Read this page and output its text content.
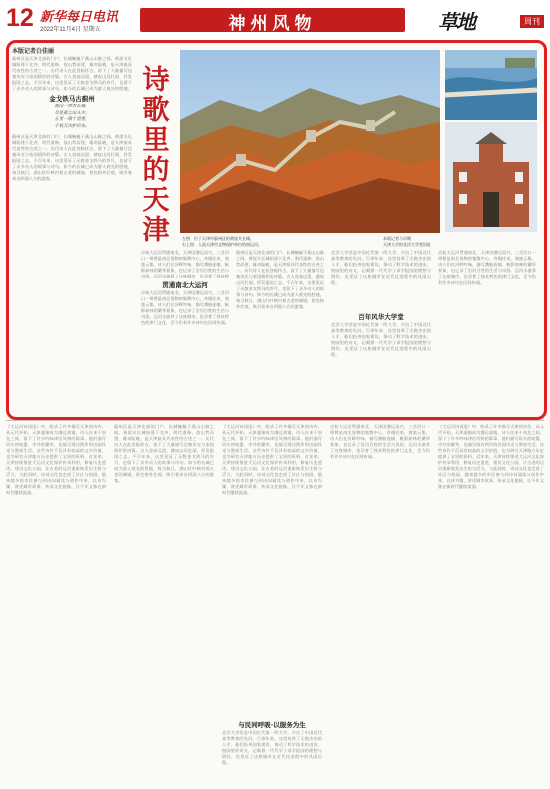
12 新华每日电讯
2022年11月4日 星期五	神州风物	草地	周刊
本版记者白佳丽
蓟州区是天津北部的门户，长城蜿蜒于燕山山脉之间。黄崖关长城始建于北齐，明代重修，依山势而建，雄奇险峻，是天津最具代表性的古迹之一。历代诗人在此登临怀古，留下了大量描写边塞风光与家国情怀的诗篇。古人登高远望，感叹山河壮丽，抒发报国之志。千百年来，这里见证了无数金戈铁马的岁月，也留下了众多动人的故事与诗句。如今的长城已成为游人观光的胜地，
金戈铁马古蓟州
燕山一带古长城，
尽是黄尘出入中。
五里一墩十里堡，
千秋万古护京东。
蓟州区是天津北部的门户，长城蜿蜒于燕山山脉之间。黄崖关长城始建于北齐，明代重修，依山势而建，雄奇险峻，是天津最具代表性的古迹之一。历代诗人在此登临怀古，留下了大量描写边塞风光与家国情怀的诗篇。古人登高远望，感叹山河壮丽，抒发报国之志。千百年来，这里见证了无数金戈铁马的岁月，也留下了众多动人的故事与诗句。如今的长城已成为游人观光的胜地，每当秋日，满山红叶映衬着古老的城墙，景色格外壮观，吸引着来自四面八方的游客。
诗歌里的天津	左图：位于天津市蓟州区的黄崖关长城。
右上图：入选天津市文物保护单位的南运河。
本版记者与早期
天津大学的北洋大学堂旧址
京杭大运河贯通南北，天津因漕运而兴，三岔河口一带曾是南北货物的集散中心，舟楫往来，商旅云集。诗人们在河畔吟咏，描写漕船连樯、帆影如林的繁华景象，也记录了沿河百姓的生活与风俗。运河水滋养了这座城市，也孕育了独具特
贯通南北大运河
京杭大运河贯通南北，天津因漕运而兴，三岔河口一带曾是南北货物的集散中心，舟楫往来，商旅云集。诗人们在河畔吟咏，描写漕船连樯、帆影如林的繁华景象，也记录了沿河百姓的生活与风俗。运河水滋养了这座城市，也孕育了独具特色的津门文化，至今仍有许多诗句在民间传诵。
蓟州区是天津北部的门户，长城蜿蜒于燕山山脉之间。黄崖关长城始建于北齐，明代重修，依山势而建，雄奇险峻，是天津最具代表性的古迹之一。历代诗人在此登临怀古，留下了大量描写边塞风光与家国情怀的诗篇。古人登高远望，感叹山河壮丽，抒发报国之志。千百年来，这里见证了无数金戈铁马的岁月，也留下了众多动人的故事与诗句。如今的长城已成为游人观光的胜地，每当秋日，满山红叶映衬着古老的城墙，景色格外壮观，吸引着来自四面八方的游客。
北洋大学堂是中国近代第一所大学，开启了中国近代高等教育的先河。百余年来，这里培养了无数杰出的人才，他们投身国家建设，推动了科学技术的进步。校园里的诗文，记载着一代代学子求学报国的理想与情怀，也见证了这座城市在近代化进程中的风雨历程。
百年风华大学堂
北洋大学堂是中国近代第一所大学，开启了中国近代高等教育的先河。百余年来，这里培养了无数杰出的人才，他们投身国家建设，推动了科学技术的进步。校园里的诗文，记载着一代代学子求学报国的理想与情怀，也见证了这座城市在近代化进程中的风雨历程。
京杭大运河贯通南北，天津因漕运而兴，三岔河口一带曾是南北货物的集散中心，舟楫往来，商旅云集。诗人们在河畔吟咏，描写漕船连樯、帆影如林的繁华景象，也记录了沿河百姓的生活与风俗。运河水滋养了这座城市，也孕育了独具特色的津门文化，至今仍有许多诗句在民间传诵。
《大运河诗词选》中，收录了许多描写天津的诗作。从元代开始，天津逐渐成为漕运重镇，诗人往来于南北之间，留下了许多吟咏津沽风物的篇章。他们描写码头的喧嚣、市井的繁华，也描写海河两岸的田园风光与渔家生活。这些诗作不仅具有较高的文学价值，也为研究天津地方历史提供了宝贵的资料。近年来，天津持续推进大运河文化保护传承利用，修复历史遗迹，建设文化公园，让古老的运河重新焕发出生机与活力。与此同时，诗词文化也走进了社区与校园，越来越多的市民参与到诗词诵读与创作中来，以诗为媒，讲述城市故事，传承文化根脉，让千年文脉在新时代继续流淌。
蓟州区是天津北部的门户，长城蜿蜒于燕山山脉之间。黄崖关长城始建于北齐，明代重修，依山势而建，雄奇险峻，是天津最具代表性的古迹之一。历代诗人在此登临怀古，留下了大量描写边塞风光与家国情怀的诗篇。古人登高远望，感叹山河壮丽，抒发报国之志。千百年来，这里见证了无数金戈铁马的岁月，也留下了众多动人的故事与诗句。如今的长城已成为游人观光的胜地，每当秋日，满山红叶映衬着古老的城墙，景色格外壮观，吸引着来自四面八方的游客。
《大运河诗词选》中，收录了许多描写天津的诗作。从元代开始，天津逐渐成为漕运重镇，诗人往来于南北之间，留下了许多吟咏津沽风物的篇章。他们描写码头的喧嚣、市井的繁华，也描写海河两岸的田园风光与渔家生活。这些诗作不仅具有较高的文学价值，也为研究天津地方历史提供了宝贵的资料。近年来，天津持续推进大运河文化保护传承利用，修复历史遗迹，建设文化公园，让古老的运河重新焕发出生机与活力。与此同时，诗词文化也走进了社区与校园，越来越多的市民参与到诗词诵读与创作中来，以诗为媒，讲述城市故事，传承文化根脉，让千年文脉在新时代继续流淌。
与民同呼吸·以服务为生
北洋大学堂是中国近代第一所大学，开启了中国近代高等教育的先河。百余年来，这里培养了无数杰出的人才，他们投身国家建设，推动了科学技术的进步。校园里的诗文，记载着一代代学子求学报国的理想与情怀，也见证了这座城市在近代化进程中的风雨历程。
京杭大运河贯通南北，天津因漕运而兴，三岔河口一带曾是南北货物的集散中心，舟楫往来，商旅云集。诗人们在河畔吟咏，描写漕船连樯、帆影如林的繁华景象，也记录了沿河百姓的生活与风俗。运河水滋养了这座城市，也孕育了独具特色的津门文化，至今仍有许多诗句在民间传诵。
《大运河诗词选》中，收录了许多描写天津的诗作。从元代开始，天津逐渐成为漕运重镇，诗人往来于南北之间，留下了许多吟咏津沽风物的篇章。他们描写码头的喧嚣、市井的繁华，也描写海河两岸的田园风光与渔家生活。这些诗作不仅具有较高的文学价值，也为研究天津地方历史提供了宝贵的资料。近年来，天津持续推进大运河文化保护传承利用，修复历史遗迹，建设文化公园，让古老的运河重新焕发出生机与活力。与此同时，诗词文化也走进了社区与校园，越来越多的市民参与到诗词诵读与创作中来，以诗为媒，讲述城市故事，传承文化根脉，让千年文脉在新时代继续流淌。
